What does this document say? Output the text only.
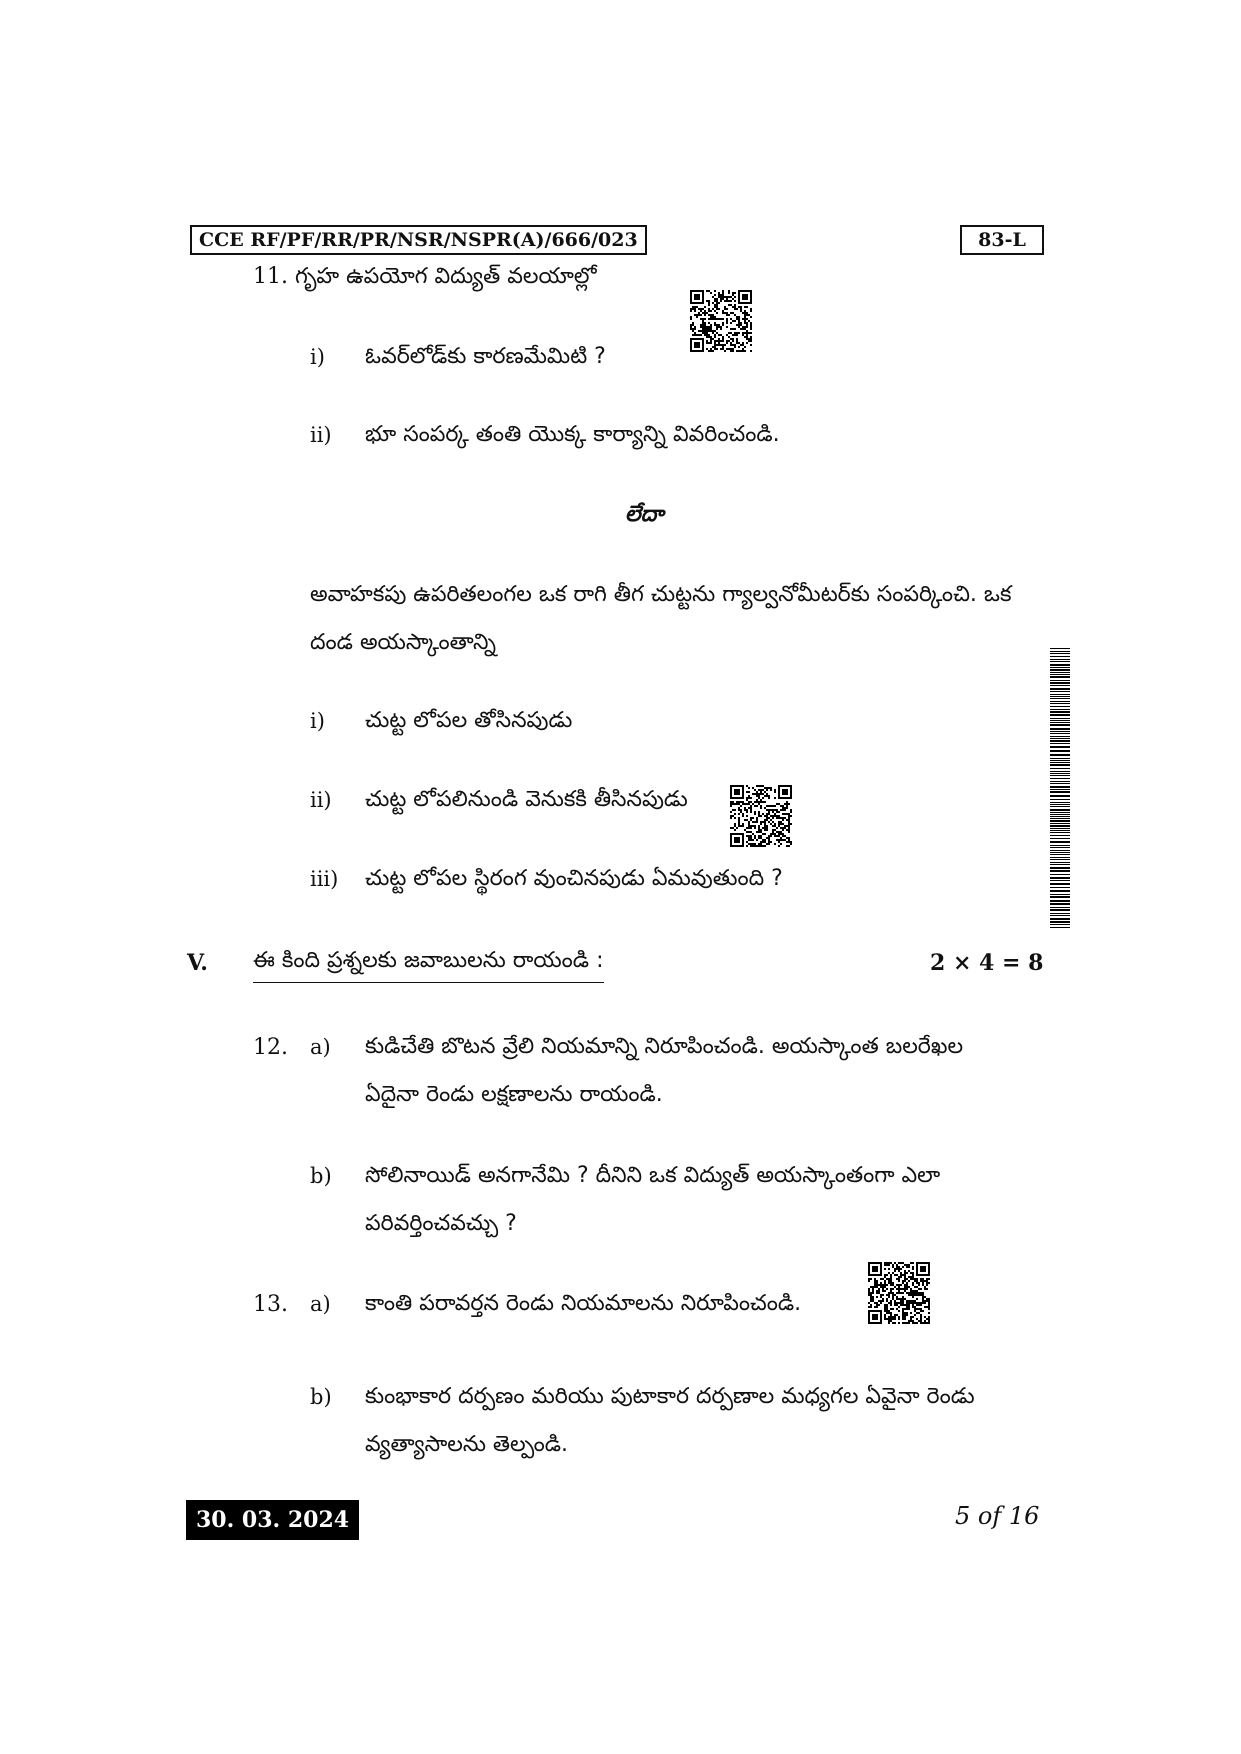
CCE RF/PF/RR/PR/NSR/NSPR(A)/666/023	83-L
11. గృహ ఉపయోగ విద్యుత్ వలయాల్లో
i) ఓవర్‌లోడ్‌కు కారణమేమిటి ?
ii) భూ సంపర్క తంతి యొక్క కార్యాన్ని వివరించండి.
లేదా
అవాహకపు ఉపరితలంగల ఒక రాగి తీగ చుట్టను గ్యాల్వనోమీటర్‌కు సంపర్కించి. ఒక
దండ అయస్కాంతాన్ని
i) చుట్ట లోపల తోసినపుడు
ii) చుట్ట లోపలినుండి వెనుకకి తీసినపుడు
iii) చుట్ట లోపల స్థిరంగ వుంచినపుడు ఏమవుతుంది ?
V. ఈ కింది ప్రశ్నలకు జవాబులను రాయండి :	2 × 4 = 8
12. a) కుడిచేతి బొటన వ్రేలి నియమాన్ని నిరూపించండి. అయస్కాంత బలరేఖల
ఏదైనా రెండు లక్షణాలను రాయండి.
b) సోలినాయిడ్ అనగానేమి ? దీనిని ఒక విద్యుత్ అయస్కాంతంగా ఎలా
పరివర్తించవచ్చు ?
13. a) కాంతి పరావర్తన రెండు నియమాలను నిరూపించండి.
b) కుంభాకార దర్పణం మరియు పుటాకార దర్పణాల మధ్యగల ఏవైనా రెండు
వ్యత్యాసాలను తెల్పండి.
30. 03. 2024	5 of 16
